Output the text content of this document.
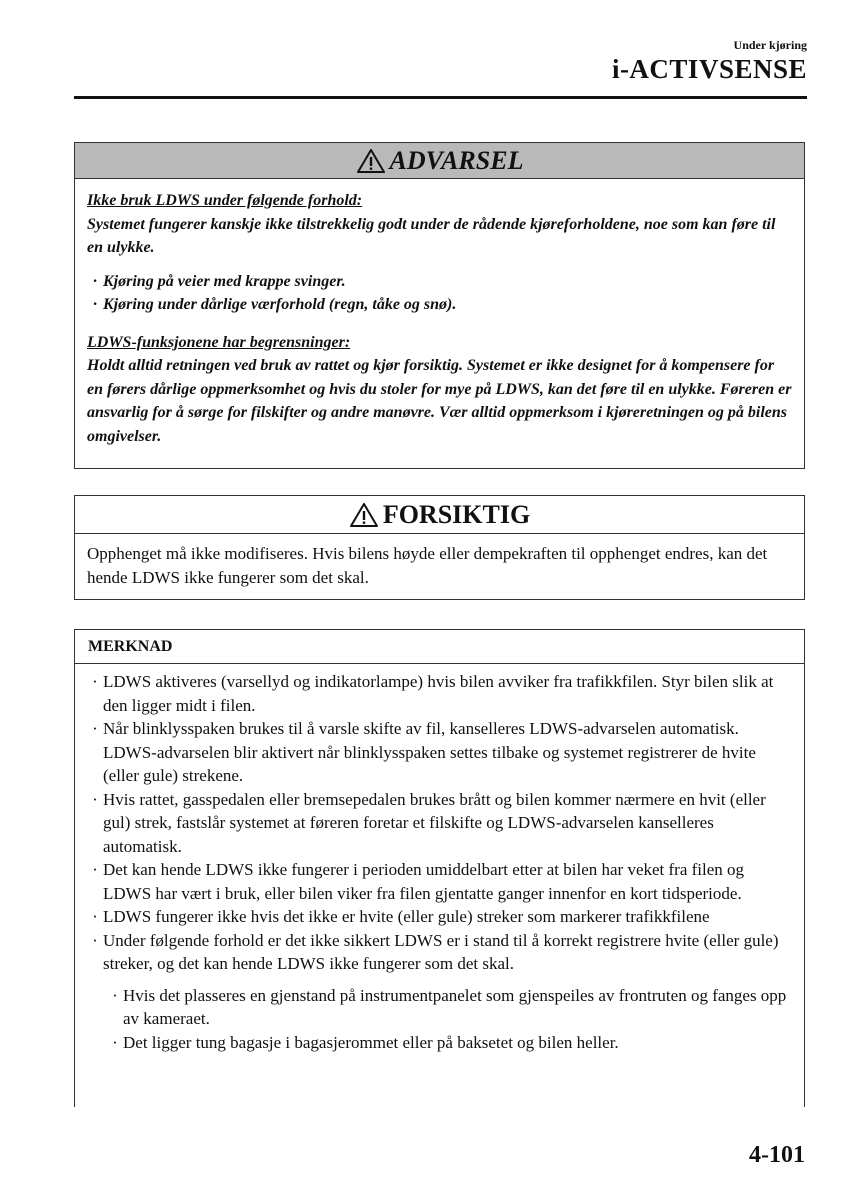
Under kjøring
i-ACTIVSENSE
ADVARSEL
Ikke bruk LDWS under følgende forhold:
Systemet fungerer kanskje ikke tilstrekkelig godt under de rådende kjøreforholdene, noe som kan føre til en ulykke.
· Kjøring på veier med krappe svinger.
· Kjøring under dårlige værforhold (regn, tåke og snø).
LDWS-funksjonene har begrensninger:
Holdt alltid retningen ved bruk av rattet og kjør forsiktig. Systemet er ikke designet for å kompensere for en førers dårlige oppmerksomhet og hvis du stoler for mye på LDWS, kan det føre til en ulykke. Føreren er ansvarlig for å sørge for filskifter og andre manøvre. Vær alltid oppmerksom i kjøreretningen og på bilens omgivelser.
FORSIKTIG
Opphenget må ikke modifiseres. Hvis bilens høyde eller dempekraften til opphenget endres, kan det hende LDWS ikke fungerer som det skal.
MERKNAD
· LDWS aktiveres (varsellyd og indikatorlampe) hvis bilen avviker fra trafikkfilen. Styr bilen slik at den ligger midt i filen.
· Når blinklysspaken brukes til å varsle skifte av fil, kanselleres LDWS-advarselen automatisk. LDWS-advarselen blir aktivert når blinklysspaken settes tilbake og systemet registrerer de hvite (eller gule) strekene.
· Hvis rattet, gasspedalen eller bremsepedalen brukes brått og bilen kommer nærmere en hvit (eller gul) strek, fastslår systemet at føreren foretar et filskifte og LDWS-advarselen kanselleres automatisk.
· Det kan hende LDWS ikke fungerer i perioden umiddelbart etter at bilen har veket fra filen og LDWS har vært i bruk, eller bilen viker fra filen gjentatte ganger innenfor en kort tidsperiode.
· LDWS fungerer ikke hvis det ikke er hvite (eller gule) streker som markerer trafikkfilene
· Under følgende forhold er det ikke sikkert LDWS er i stand til å korrekt registrere hvite (eller gule) streker, og det kan hende LDWS ikke fungerer som det skal.
· Hvis det plasseres en gjenstand på instrumentpanelet som gjenspeiles av frontruten og fanges opp av kameraet.
· Det ligger tung bagasje i bagasjerommet eller på baksetet og bilen heller.
4-101
